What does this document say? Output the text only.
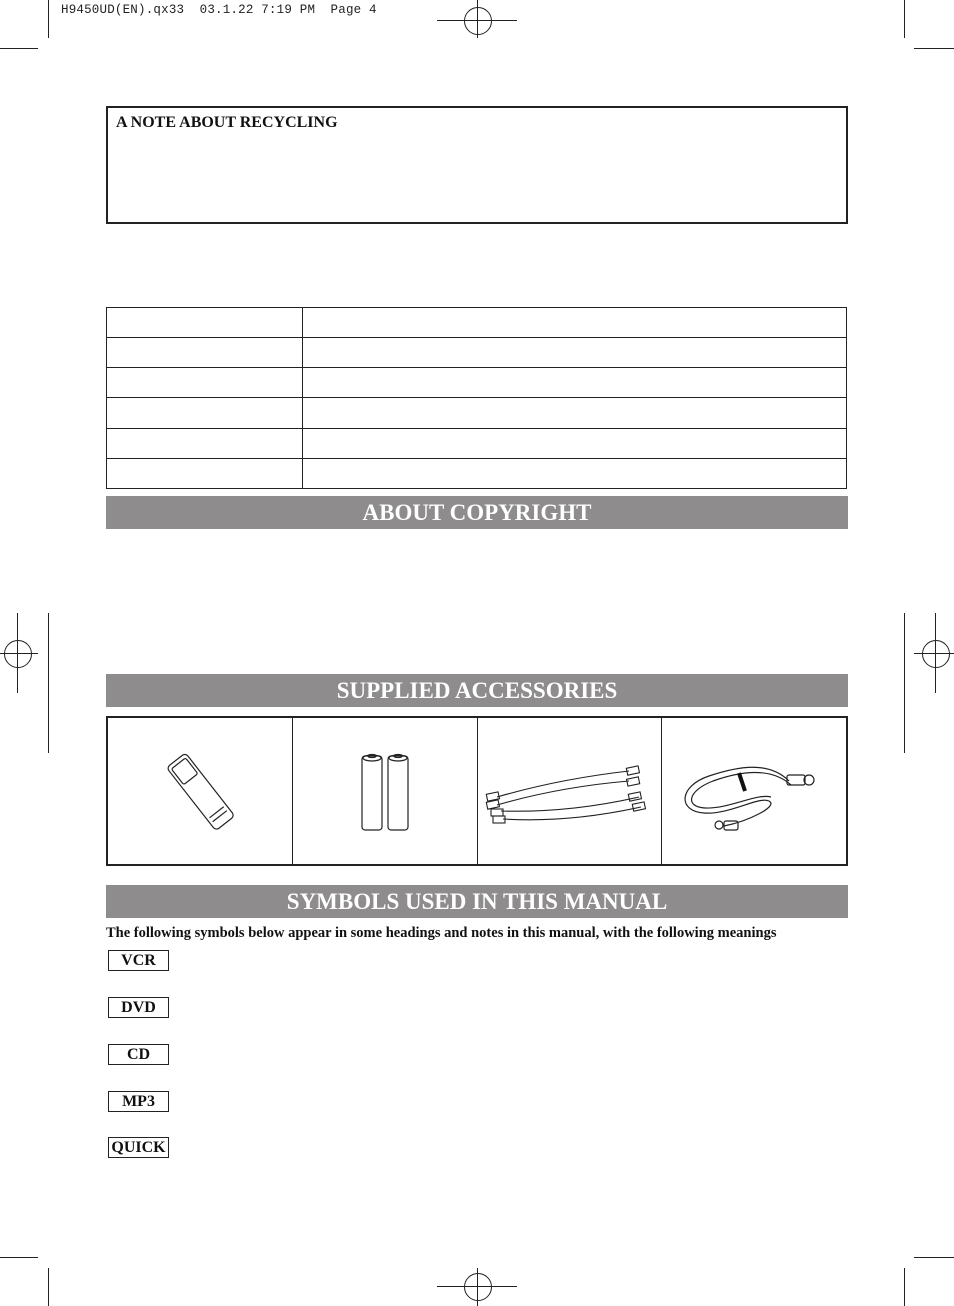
H9450UD(EN).qx33  03.1.22 7:19 PM  Page 4
A NOTE ABOUT RECYCLING

ABOUT COPYRIGHT
SUPPLIED ACCESSORIES
SYMBOLS USED IN THIS MANUAL
The following symbols below appear in some headings and notes in this manual, with the following meanings
VCR
DVD
CD
MP3
QUICK
